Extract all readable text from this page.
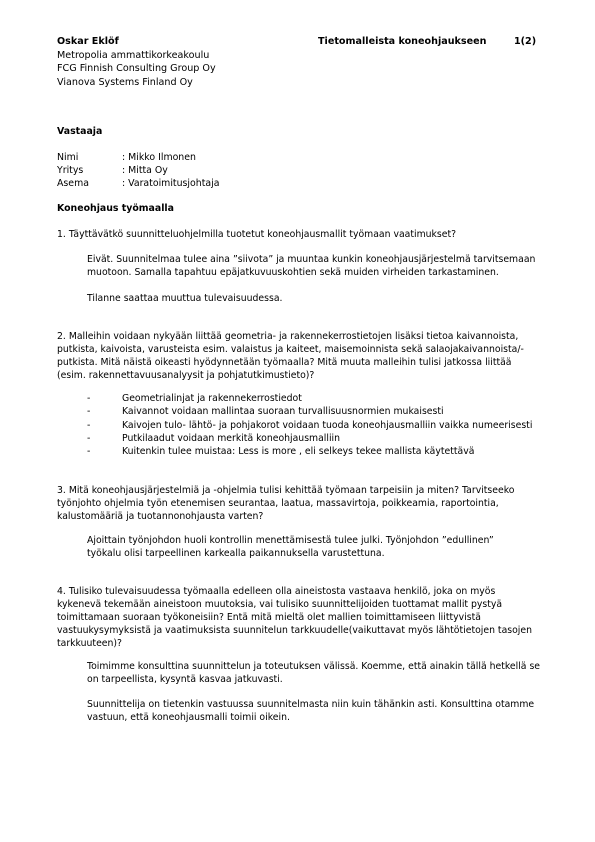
Oskar Eklöf
Metropolia ammattikorkeakoulu
FCG Finnish Consulting Group Oy
Vianova Systems Finland Oy
Tietomalleista koneohjaukseen	1(2)
Vastaaja
Nimi	: Mikko Ilmonen
Yritys	: Mitta Oy
Asema	: Varatoimitusjohtaja
Koneohjaus työmaalla
1. Täyttävätkö suunnitteluohjelmilla tuotetut koneohjausmallit työmaan vaatimukset?
Eivät. Suunnitelmaa tulee aina ”siivota” ja muuntaa kunkin koneohjausjärjestelmä tarvitsemaan
muotoon. Samalla tapahtuu epäjatkuvuuskohtien sekä muiden virheiden tarkastaminen.
Tilanne saattaa muuttua tulevaisuudessa.
2. Malleihin voidaan nykyään liittää geometria- ja rakennekerrostietojen lisäksi tietoa kaivannoista,
putkista, kaivoista, varusteista esim. valaistus ja kaiteet, maisemoinnista sekä salaojakaivannoista/-
putkista. Mitä näistä oikeasti hyödynnetään työmaalla? Mitä muuta malleihin tulisi jatkossa liittää
(esim. rakennettavuusanalyysit ja pohjatutkimustieto)?
-	Geometrialinjat ja rakennekerrostiedot
-	Kaivannot voidaan mallintaa suoraan turvallisuusnormien mukaisesti
-	Kaivojen tulo- lähtö- ja pohjakorot voidaan tuoda koneohjausmalliin vaikka numeerisesti
-	Putkilaadut voidaan merkitä koneohjausmalliin
-	Kuitenkin tulee muistaa: Less is more , eli selkeys tekee mallista käytettävä
3. Mitä koneohjausjärjestelmiä ja -ohjelmia tulisi kehittää työmaan tarpeisiin ja miten? Tarvitseeko
työnjohto ohjelmia työn etenemisen seurantaa, laatua, massavirtoja, poikkeamia, raportointia,
kalustomääriä ja tuotannonohjausta varten?
Ajoittain työnjohdon huoli kontrollin menettämisestä tulee julki. Työnjohdon ”edullinen”
työkalu olisi tarpeellinen karkealla paikannuksella varustettuna.
4. Tulisiko tulevaisuudessa työmaalla edelleen olla aineistosta vastaava henkilö, joka on myös
kykenevä tekemään aineistoon muutoksia, vai tulisiko suunnittelijoiden tuottamat mallit pystyä
toimittamaan suoraan työkoneisiin? Entä mitä mieltä olet mallien toimittamiseen liittyvistä
vastuukysymyksistä ja vaatimuksista suunnitelun tarkkuudelle(vaikuttavat myös lähtötietojen tasojen
tarkkuuteen)?
Toimimme konsulttina suunnittelun ja toteutuksen välissä. Koemme, että ainakin tällä hetkellä se
on tarpeellista, kysyntä kasvaa jatkuvasti.
Suunnittelija on tietenkin vastuussa suunnitelmasta niin kuin tähänkin asti. Konsulttina otamme
vastuun, että koneohjausmalli toimii oikein.
